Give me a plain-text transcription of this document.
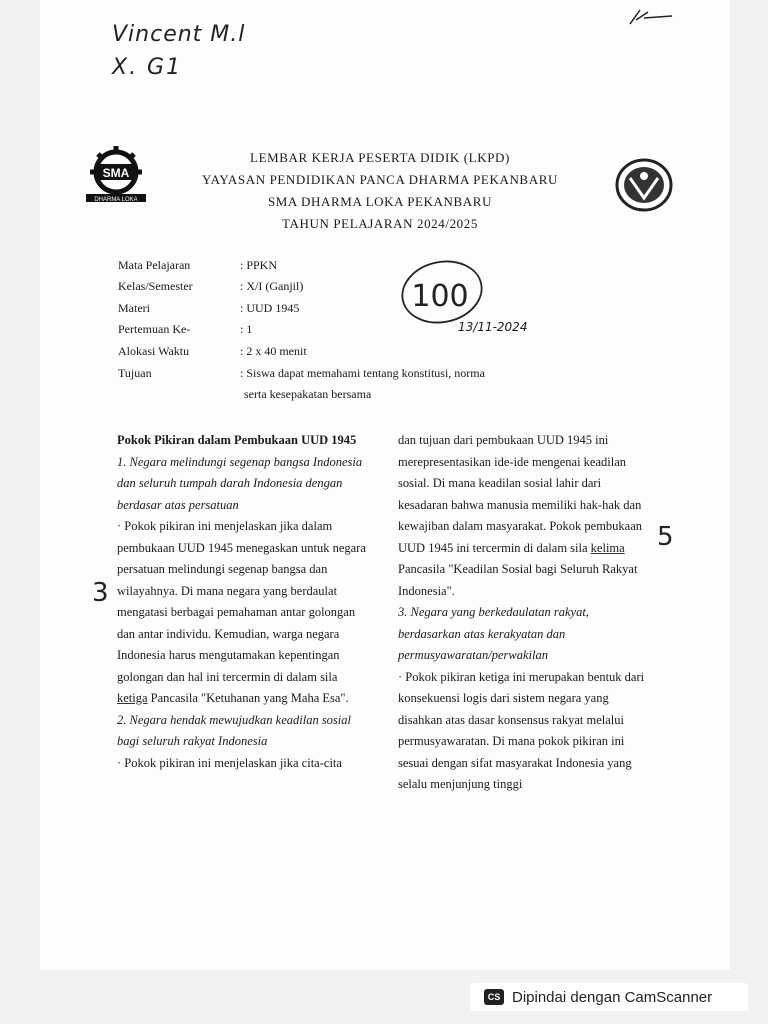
Vincent M.l
X. G1
SMA
DHARMA LOKA
LEMBAR KERJA PESERTA DIDIK (LKPD)
YAYASAN PENDIDIKAN PANCA DHARMA PEKANBARU
SMA DHARMA LOKA PEKANBARU
TAHUN PELAJARAN 2024/2025
Mata Pelajaran	: PPKN
Kelas/Semester	: X/I (Ganjil)
Materi	: UUD 1945
Pertemuan Ke-	: 1
Alokasi Waktu	: 2 x 40 menit
Tujuan	: Siswa dapat memahami tentang konstitusi, norma
serta kesepakatan bersama
100
13/11-2024

Pokok Pikiran dalam Pembukaan UUD 1945

1. Negara melindungi segenap bangsa Indonesia dan seluruh tumpah darah Indonesia dengan berdasar atas persatuan

· Pokok pikiran ini menjelaskan jika dalam pembukaan UUD 1945 menegaskan untuk negara persatuan melindungi segenap bangsa dan wilayahnya. Di mana negara yang berdaulat mengatasi berbagai pemahaman antar golongan dan antar individu. Kemudian, warga negara Indonesia harus mengutamakan kepentingan golongan dan hal ini tercermin di dalam sila ketiga Pancasila "Ketuhanan yang Maha Esa".

2. Negara hendak mewujudkan keadilan sosial bagi seluruh rakyat Indonesia

· Pokok pikiran ini menjelaskan jika cita-cita

dan tujuan dari pembukaan UUD 1945 ini merepresentasikan ide-ide mengenai keadilan sosial. Di mana keadilan sosial lahir dari kesadaran bahwa manusia memiliki hak-hak dan kewajiban dalam masyarakat. Pokok pembukaan UUD 1945 ini tercermin di dalam sila kelima Pancasila "Keadilan Sosial bagi Seluruh Rakyat Indonesia".

3. Negara yang berkedaulatan rakyat, berdasarkan atas kerakyatan dan permusyawaratan/perwakilan

· Pokok pikiran ketiga ini merupakan bentuk dari konsekuensi logis dari sistem negara yang disahkan atas dasar konsensus rakyat melalui permusyawaratan. Di mana pokok pikiran ini sesuai dengan sifat masyarakat Indonesia yang selalu menjunjung tinggi

3
5
CS Dipindai dengan CamScanner
